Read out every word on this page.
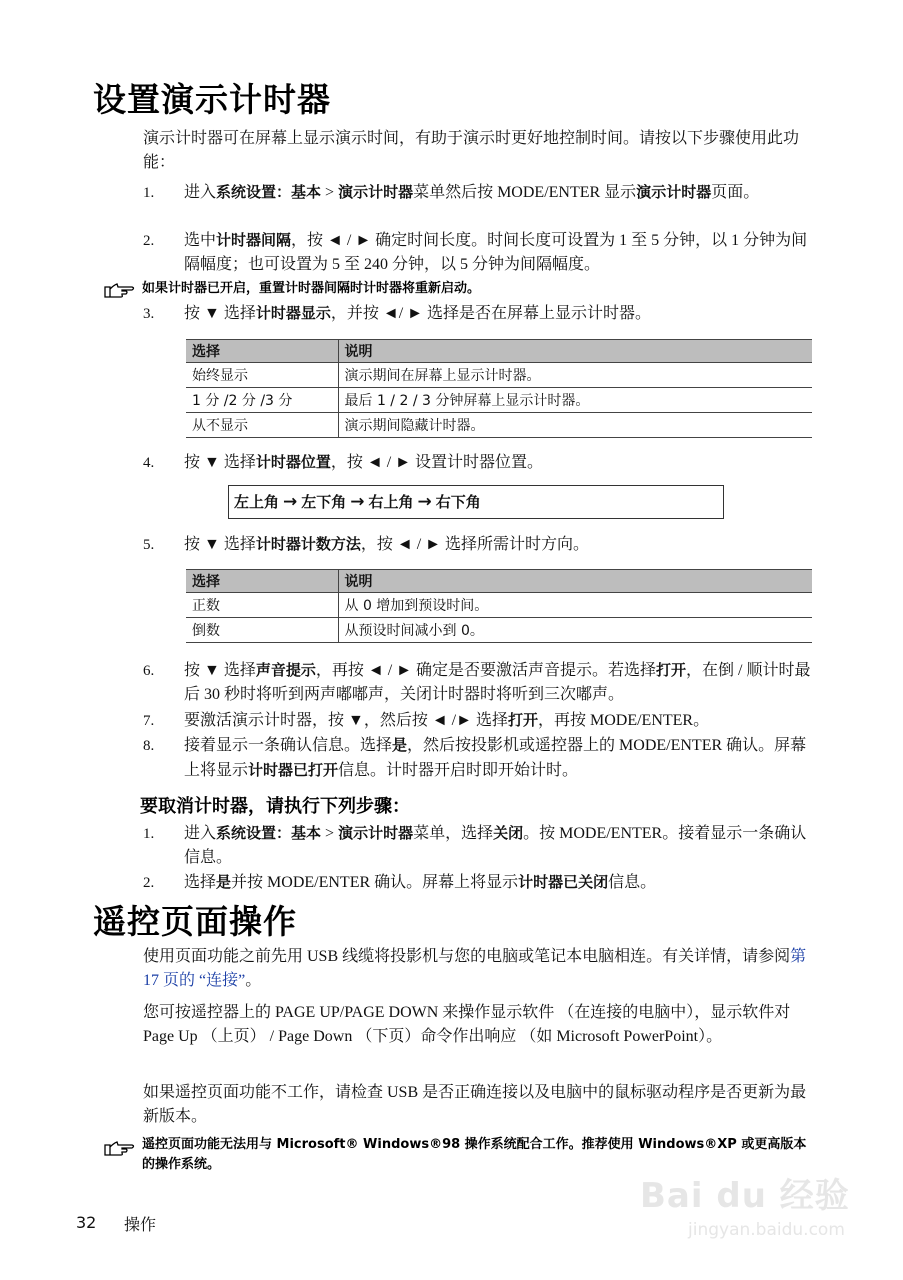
设置演示计时器
演示计时器可在屏幕上显示演示时间，有助于演示时更好地控制时间。请按以下步骤使用此功能：
1.	进入系统设置：基本 > 演示计时器菜单然后按 MODE/ENTER 显示演示计时器页面。
2.	选中计时器间隔，按 ◄ / ► 确定时间长度。时间长度可设置为 1 至 5 分钟，以 1 分钟为间隔幅度；也可设置为 5 至 240 分钟，以 5 分钟为间隔幅度。
如果计时器已开启，重置计时器间隔时计时器将重新启动。
3.	按 ▼ 选择计时器显示，并按 ◄/ ► 选择是否在屏幕上显示计时器。
选择	说明
始终显示	演示期间在屏幕上显示计时器。
1 分 /2 分 /3 分	最后 1 / 2 / 3 分钟屏幕上显示计时器。
从不显示	演示期间隐藏计时器。
4.	按 ▼ 选择计时器位置，按 ◄ / ► 设置计时器位置。
左上角 → 左下角 → 右上角 → 右下角
5.	按 ▼ 选择计时器计数方法，按 ◄ / ► 选择所需计时方向。
选择	说明
正数	从 0 增加到预设时间。
倒数	从预设时间减小到 0。
6.	按 ▼ 选择声音提示，再按 ◄ / ► 确定是否要激活声音提示。若选择打开，在倒 / 顺计时最后 30 秒时将听到两声嘟嘟声，关闭计时器时将听到三次嘟声。
7.	要激活演示计时器，按 ▼，然后按 ◄ /► 选择打开，再按 MODE/ENTER。
8.	接着显示一条确认信息。选择是，然后按投影机或遥控器上的 MODE/ENTER 确认。屏幕上将显示计时器已打开信息。计时器开启时即开始计时。
要取消计时器，请执行下列步骤：
1.	进入系统设置：基本 > 演示计时器菜单，选择关闭。按 MODE/ENTER。接着显示一条确认信息。
2.	选择是并按 MODE/ENTER 确认。屏幕上将显示计时器已关闭信息。
遥控页面操作
使用页面功能之前先用 USB 线缆将投影机与您的电脑或笔记本电脑相连。有关详情，请参阅第 17 页的 “连接”。
您可按遥控器上的 PAGE UP/PAGE DOWN 来操作显示软件 （在连接的电脑中），显示软件对 Page Up （上页） / Page Down （下页）命令作出响应 （如 Microsoft PowerPoint）。
如果遥控页面功能不工作，请检查 USB 是否正确连接以及电脑中的鼠标驱动程序是否更新为最新版本。
遥控页面功能无法用与 Microsoft® Windows®98 操作系统配合工作。推荐使用 Windows®XP 或更高版本的操作系统。
32 操作
Bai du 经验
jingyan.baidu.com
